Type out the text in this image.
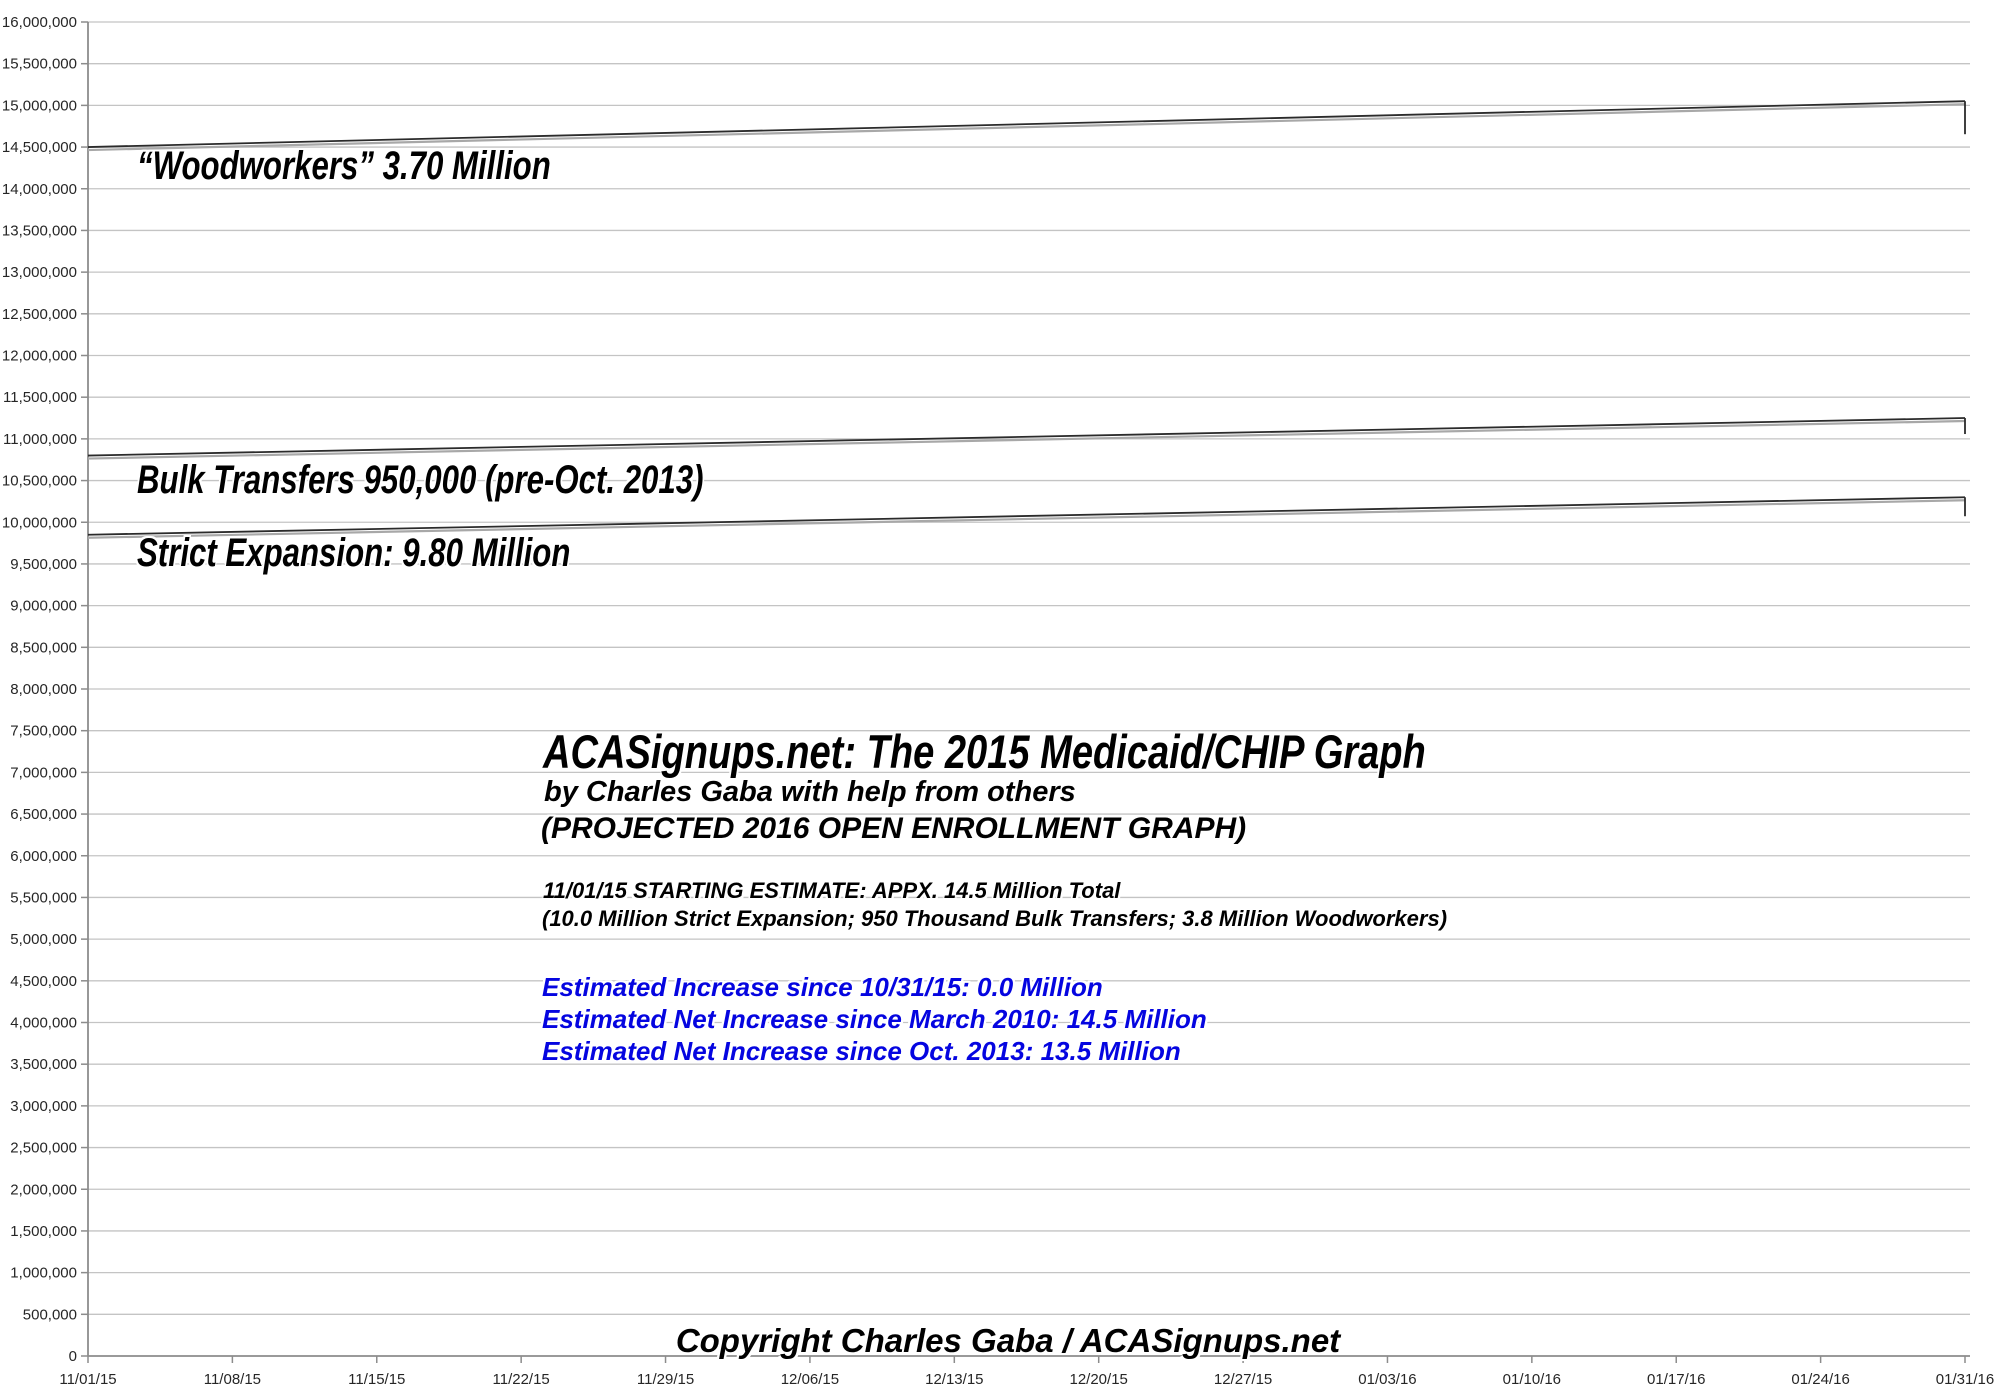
0
500,000
1,000,000
1,500,000
2,000,000
2,500,000
3,000,000
3,500,000
4,000,000
4,500,000
5,000,000
5,500,000
6,000,000
6,500,000
7,000,000
7,500,000
8,000,000
8,500,000
9,000,000
9,500,000
10,000,000
10,500,000
11,000,000
11,500,000
12,000,000
12,500,000
13,000,000
13,500,000
14,000,000
14,500,000
15,000,000
15,500,000
16,000,000
11/01/15	11/08/15	11/15/15	11/22/15	11/29/15	12/06/15	12/13/15	12/20/15	12/27/15	01/03/16	01/10/16	01/17/16	01/24/16	01/31/16
“Woodworkers” 3.70 Million
Bulk Transfers 950,000 (pre-Oct. 2013)
Strict Expansion: 9.80 Million
ACASignups.net: The 2015 Medicaid/CHIP Graph
by Charles Gaba with help from others
(PROJECTED 2016 OPEN ENROLLMENT GRAPH)
11/01/15 STARTING ESTIMATE: APPX. 14.5 Million Total
(10.0 Million Strict Expansion; 950 Thousand Bulk Transfers; 3.8 Million Woodworkers)
Estimated Increase since 10/31/15: 0.0 Million
Estimated Net Increase since March 2010: 14.5 Million
Estimated Net Increase since Oct. 2013: 13.5 Million
Copyright Charles Gaba / ACASignups.net
